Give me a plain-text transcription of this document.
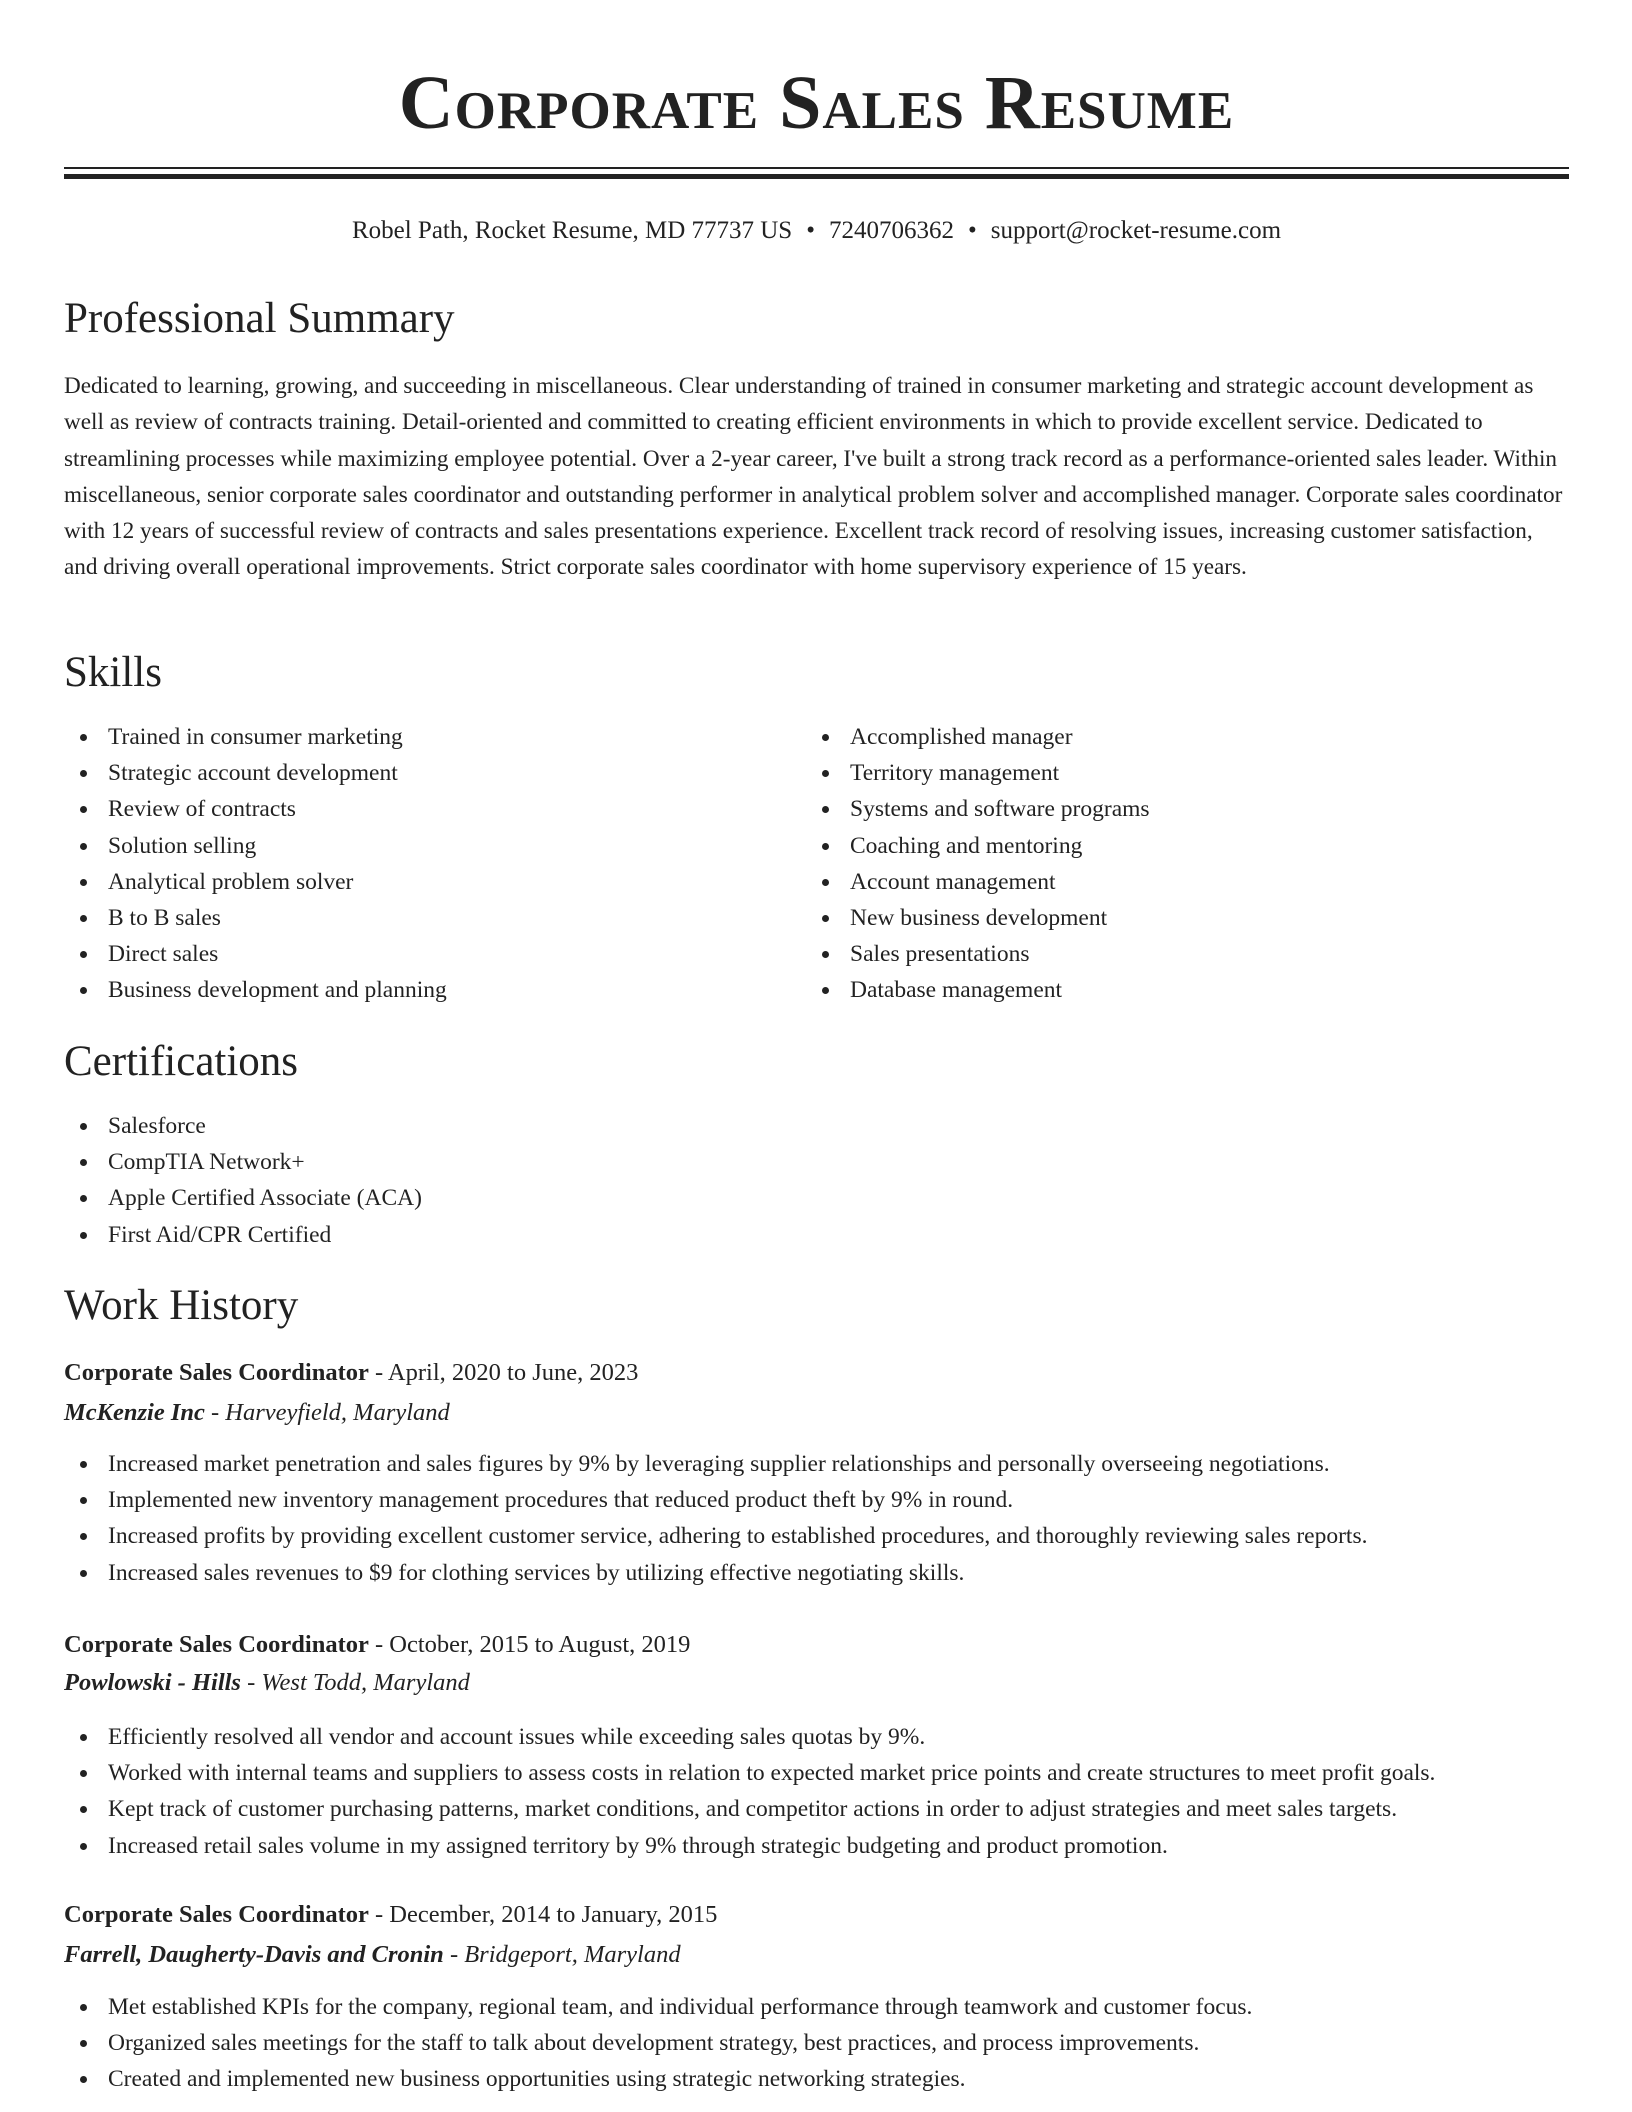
Corporate Sales Resume
Robel Path, Rocket Resume, MD 77737 US • 7240706362 • support@rocket-resume.com
Professional Summary

Dedicated to learning, growing, and succeeding in miscellaneous. Clear understanding of trained in consumer marketing and strategic account development as well as review of contracts training. Detail-oriented and committed to creating efficient environments in which to provide excellent service. Dedicated to streamlining processes while maximizing employee potential. Over a 2-year career, I've built a strong track record as a performance-oriented sales leader. Within miscellaneous, senior corporate sales coordinator and outstanding performer in analytical problem solver and accomplished manager. Corporate sales coordinator with 12 years of successful review of contracts and sales presentations experience. Excellent track record of resolving issues, increasing customer satisfaction, and driving overall operational improvements. Strict corporate sales coordinator with home supervisory experience of 15 years.

Skills
Trained in consumer marketing
Strategic account development
Review of contracts
Solution selling
Analytical problem solver
B to B sales
Direct sales
Business development and planning
Accomplished manager
Territory management
Systems and software programs
Coaching and mentoring
Account management
New business development
Sales presentations
Database management
Certifications
Salesforce
CompTIA Network+
Apple Certified Associate (ACA)
First Aid/CPR Certified
Work History
Corporate Sales Coordinator - April, 2020 to June, 2023
McKenzie Inc - Harveyfield, Maryland
Increased market penetration and sales figures by 9% by leveraging supplier relationships and personally overseeing negotiations.
Implemented new inventory management procedures that reduced product theft by 9% in round.
Increased profits by providing excellent customer service, adhering to established procedures, and thoroughly reviewing sales reports.
Increased sales revenues to $9 for clothing services by utilizing effective negotiating skills.
Corporate Sales Coordinator - October, 2015 to August, 2019
Powlowski - Hills - West Todd, Maryland
Efficiently resolved all vendor and account issues while exceeding sales quotas by 9%.
Worked with internal teams and suppliers to assess costs in relation to expected market price points and create structures to meet profit goals.
Kept track of customer purchasing patterns, market conditions, and competitor actions in order to adjust strategies and meet sales targets.
Increased retail sales volume in my assigned territory by 9% through strategic budgeting and product promotion.
Corporate Sales Coordinator - December, 2014 to January, 2015
Farrell, Daugherty-Davis and Cronin - Bridgeport, Maryland
Met established KPIs for the company, regional team, and individual performance through teamwork and customer focus.
Organized sales meetings for the staff to talk about development strategy, best practices, and process improvements.
Created and implemented new business opportunities using strategic networking strategies.
